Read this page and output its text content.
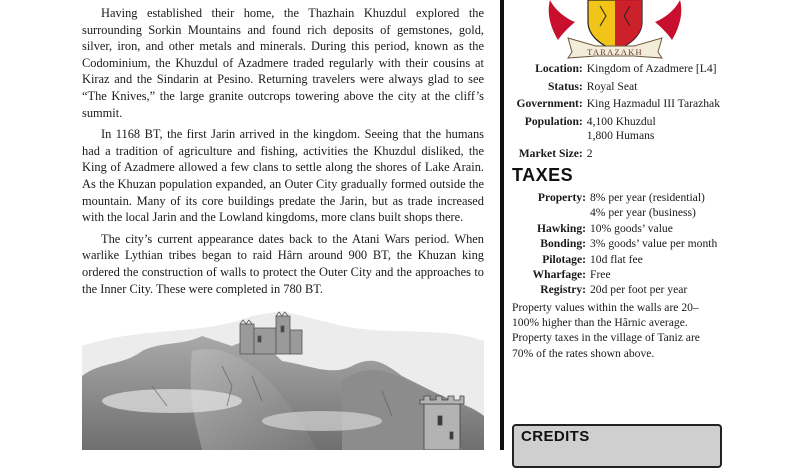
Having established their home, the Thazhain Khuzdul explored the surrounding Sorkin Mountains and found rich deposits of gemstones, gold, silver, iron, and other metals and minerals. During this period, known as the Codominium, the Khuzdul of Azadmere traded regularly with their cousins at Kiraz and the Sindarin at Pesino. Returning travelers were always glad to see “The Knives,” the large granite outcrops towering above the city at the cliff’s summit.

In 1168 BT, the first Jarin arrived in the kingdom. Seeing that the humans had a tradition of agriculture and fishing, activities the Khuzdul disliked, the King of Azadmere allowed a few clans to settle along the shores of Lake Arain. As the Khuzan population expanded, an Outer City gradually formed outside the mountain. Many of its core buildings predate the Jarin, but as trade increased with the local Jarin and the Lowland kingdoms, more clans built shops there.

The city’s current appearance dates back to the Atani Wars period. When warlike Lythian tribes began to raid Hârn around 900 BT, the Khuzan king ordered the construction of walls to protect the Outer City and the approaches to the Inner City. These were completed in 780 BT.

TARAZAKH
Location:	Kingdom of Azadmere [L4]

Status:	Royal Seat

Government:	King Hazmadul III Tarazhak

Population:	4,100 Khuzdul
1,800 Humans

Market Size:	2
TAXES
Property:	8% per year (residential)
4% per year (business)

Hawking:	10% goods’ value

Bonding:	3% goods’ value per month

Pilotage:	10d flat fee

Wharfage:	Free

Registry:	20d per foot per year

Property values within the walls are 20–100% higher than the Hârnic average. Property taxes in the village of Taniz are 70% of the rates shown above.

CREDITS
